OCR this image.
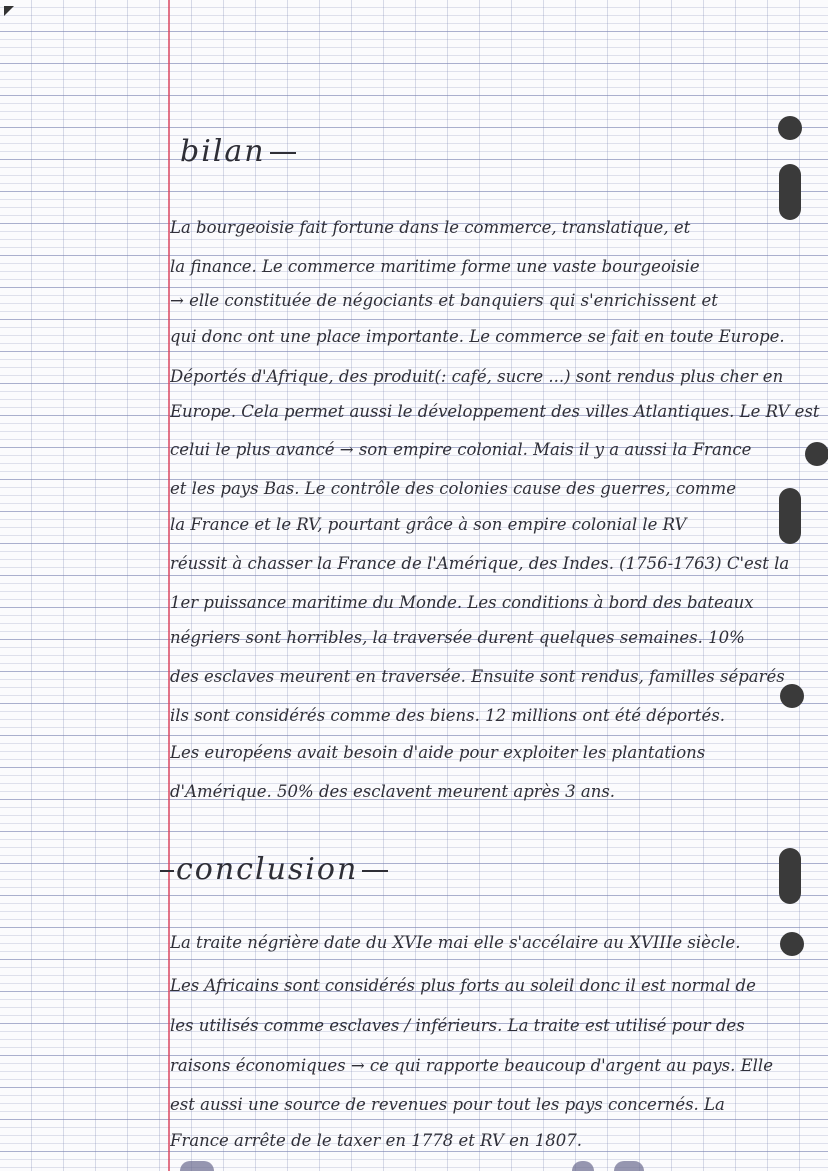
bilan

La bourgeoisie fait fortune dans le commerce, translatique, et

la finance. Le commerce maritime forme une vaste bourgeoisie

→ elle constituée de négociants et banquiers qui s'enrichissent et

qui donc ont une place importante. Le commerce se fait en toute Europe.

Déportés d'Afrique, des produit(: café, sucre ...) sont rendus plus cher en

Europe. Cela permet aussi le développement des villes Atlantiques. Le RV est

celui le plus avancé → son empire colonial. Mais il y a aussi la France

et les pays Bas. Le contrôle des colonies cause des guerres, comme

la France et le RV, pourtant grâce à son empire colonial le RV

réussit à chasser la France de l'Amérique, des Indes. (1756-1763) C'est la

1er puissance maritime du Monde. Les conditions à bord des bateaux

négriers sont horribles, la traversée durent quelques semaines. 10%

des esclaves meurent en traversée. Ensuite sont rendus, familles séparés

ils sont considérés comme des biens. 12 millions ont été déportés.

Les européens avait besoin d'aide pour exploiter les plantations

d'Amérique. 50% des esclavent meurent après 3 ans.

conclusion

La traite négrière date du XVIe mai elle s'accélaire au XVIIIe siècle.

Les Africains sont considérés plus forts au soleil donc il est normal de

les utilisés comme esclaves / inférieurs. La traite est utilisé pour des

raisons économiques → ce qui rapporte beaucoup d'argent au pays. Elle

est aussi une source de revenues pour tout les pays concernés. La

France arrête de le taxer en 1778 et RV en 1807.
